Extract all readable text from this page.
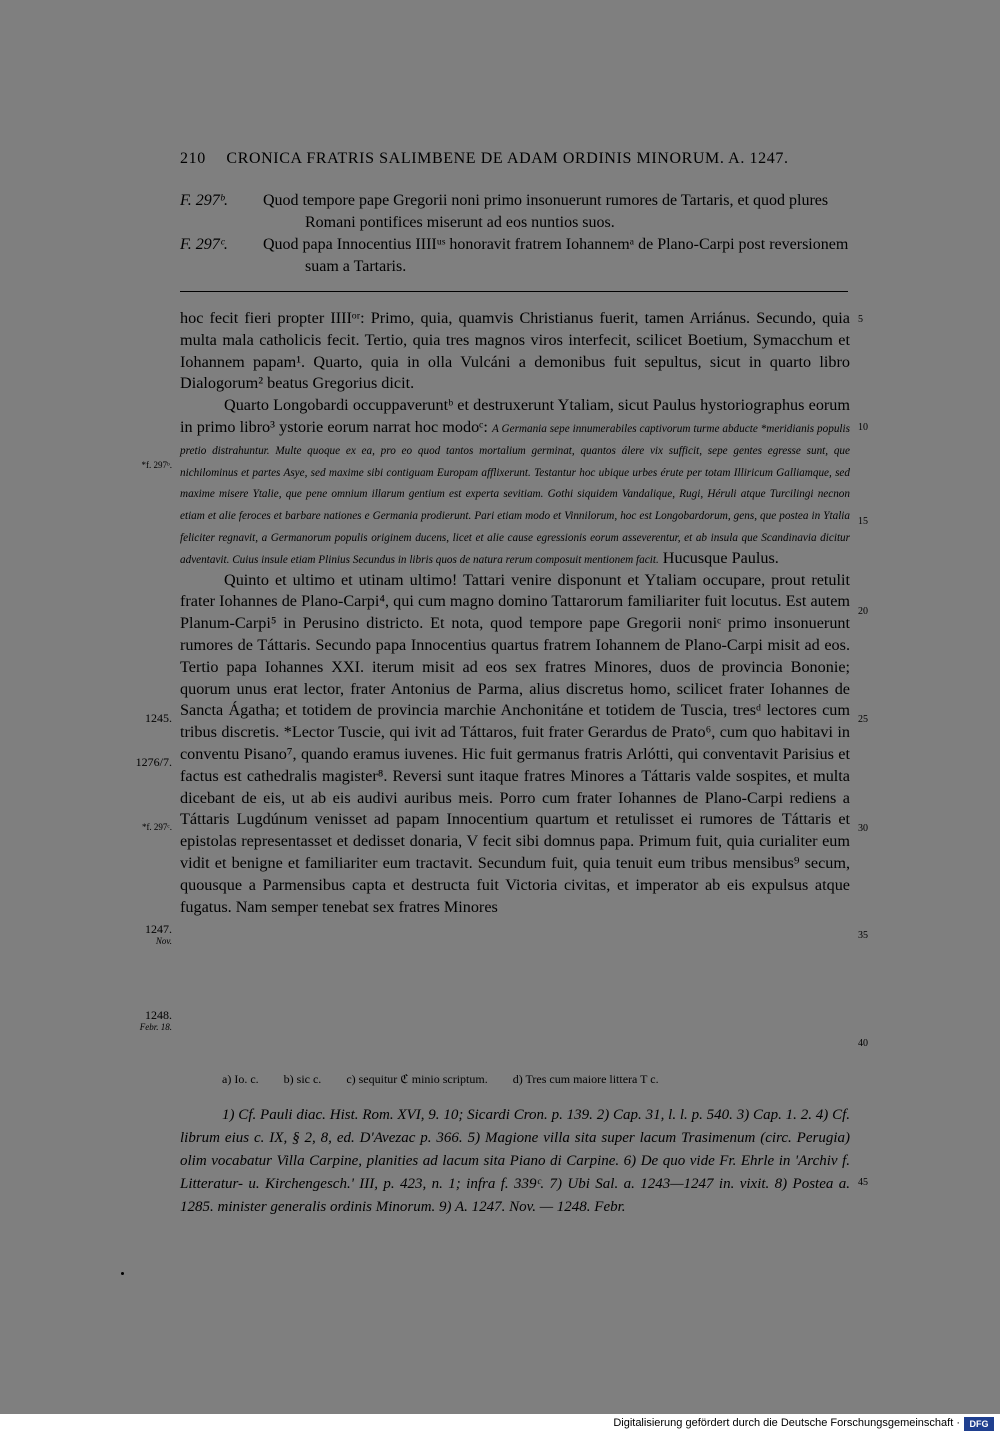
210 CRONICA FRATRIS SALIMBENE DE ADAM ORDINIS MINORUM. A. 1247.
F. 297ᵇ.	Quod tempore pape Gregorii noni primo insonuerunt rumores de Tartaris, et quod plures Romani pontifices miserunt ad eos nuntios suos.
F. 297ᶜ.	Quod papa Innocentius IIIIᵘˢ honoravit fratrem Iohannemᵃ de Plano-Carpi post reversionem suam a Tartaris.

hoc fecit fieri propter IIIIᵒʳ: Primo, quia, quamvis Christianus fuerit, tamen Arriánus. Secundo, quia multa mala catholicis fecit. Tertio, quia tres magnos viros interfecit, scilicet Boetium, Symacchum et Iohannem papam¹. Quarto, quia in olla Vulcáni a demonibus fuit sepultus, sicut in quarto libro Dialogorum² beatus Gregorius dicit.

Quarto Longobardi occuppaveruntᵇ et destruxerunt Ytaliam, sicut Paulus hystoriographus eorum in primo libro³ ystorie eorum narrat hoc modoᶜ: A Germania sepe innumerabiles captivorum turme abducte *meridianis populis pretio distrahuntur. Multe quoque ex ea, pro eo quod tantos mortalium germinat, quantos álere vix sufficit, sepe gentes egresse sunt, que nichilominus et partes Asye, sed maxime sibi contiguam Europam afflixerunt. Testantur hoc ubique urbes érute per totam Illiricum Galliamque, sed maxime misere Ytalie, que pene omnium illarum gentium est experta sevitiam. Gothi siquidem Vandalique, Rugi, Héruli atque Turcilingi necnon etiam et alie feroces et barbare nationes e Germania prodierunt. Pari etiam modo et Vinnilorum, hoc est Longobardorum, gens, que postea in Ytalia feliciter regnavit, a Germanorum populis originem ducens, licet et alie cause egressionis eorum asseverentur, et ab insula que Scandinavia dicitur adventavit. Cuius insule etiam Plinius Secundus in libris quos de natura rerum composuit mentionem facit. Hucusque Paulus.

Quinto et ultimo et utinam ultimo! Tattari venire disponunt et Ytaliam occupare, prout retulit frater Iohannes de Plano-Carpi⁴, qui cum magno domino Tattarorum familiariter fuit locutus. Est autem Planum-Carpi⁵ in Perusino districto. Et nota, quod tempore pape Gregorii noniᶜ primo insonuerunt rumores de Táttaris. Secundo papa Innocentius quartus fratrem Iohannem de Plano-Carpi misit ad eos. Tertio papa Iohannes XXI. iterum misit ad eos sex fratres Minores, duos de provincia Bononie; quorum unus erat lector, frater Antonius de Parma, alius discretus homo, scilicet frater Iohannes de Sancta Ágatha; et totidem de provincia marchie Anchonitáne et totidem de Tuscia, tresᵈ lectores cum tribus discretis. *Lector Tuscie, qui ivit ad Táttaros, fuit frater Gerardus de Prato⁶, cum quo habitavi in conventu Pisano⁷, quando eramus iuvenes. Hic fuit germanus fratris Arlótti, qui conventavit Parisius et factus est cathedralis magister⁸. Reversi sunt itaque fratres Minores a Táttaris valde sospites, et multa dicebant de eis, ut ab eis audivi auribus meis. Porro cum frater Iohannes de Plano-Carpi rediens a Táttaris Lugdúnum venisset ad papam Innocentium quartum et retulisset ei rumores de Táttaris et epistolas representasset et dedisset donaria, V fecit sibi domnus papa. Primum fuit, quia curialiter eum vidit et benigne et familiariter eum tractavit. Secundum fuit, quia tenuit eum tribus mensibus⁹ secum, quousque a Parmensibus capta et destructa fuit Victoria civitas, et imperator ab eis expulsus atque fugatus. Nam semper tenebat sex fratres Minores

5
10
15
20
25
30
35
40
45
*f. 297ᵇ.
1245.
1276/7.
*f. 297ᶜ.
1247.
Nov.
1248.
Febr. 18.
a) Io. c. b) sic c. c) sequitur ℭ minio scriptum. d) Tres cum maiore littera T c.
1) Cf. Pauli diac. Hist. Rom. XVI, 9. 10; Sicardi Cron. p. 139. 2) Cap. 31, l. l. p. 540. 3) Cap. 1. 2. 4) Cf. librum eius c. IX, § 2, 8, ed. D'Avezac p. 366. 5) Magione villa sita super lacum Trasimenum (circ. Perugia) olim vocabatur Villa Carpine, planities ad lacum sita Piano di Carpine. 6) De quo vide Fr. Ehrle in 'Archiv f. Litteratur- u. Kirchengesch.' III, p. 423, n. 1; infra f. 339ᶜ. 7) Ubi Sal. a. 1243—1247 in. vixit. 8) Postea a. 1285. minister generalis ordinis Minorum. 9) A. 1247. Nov. — 1248. Febr.
Digitalisierung gefördert durch die Deutsche Forschungsgemeinschaft ·	DFG
